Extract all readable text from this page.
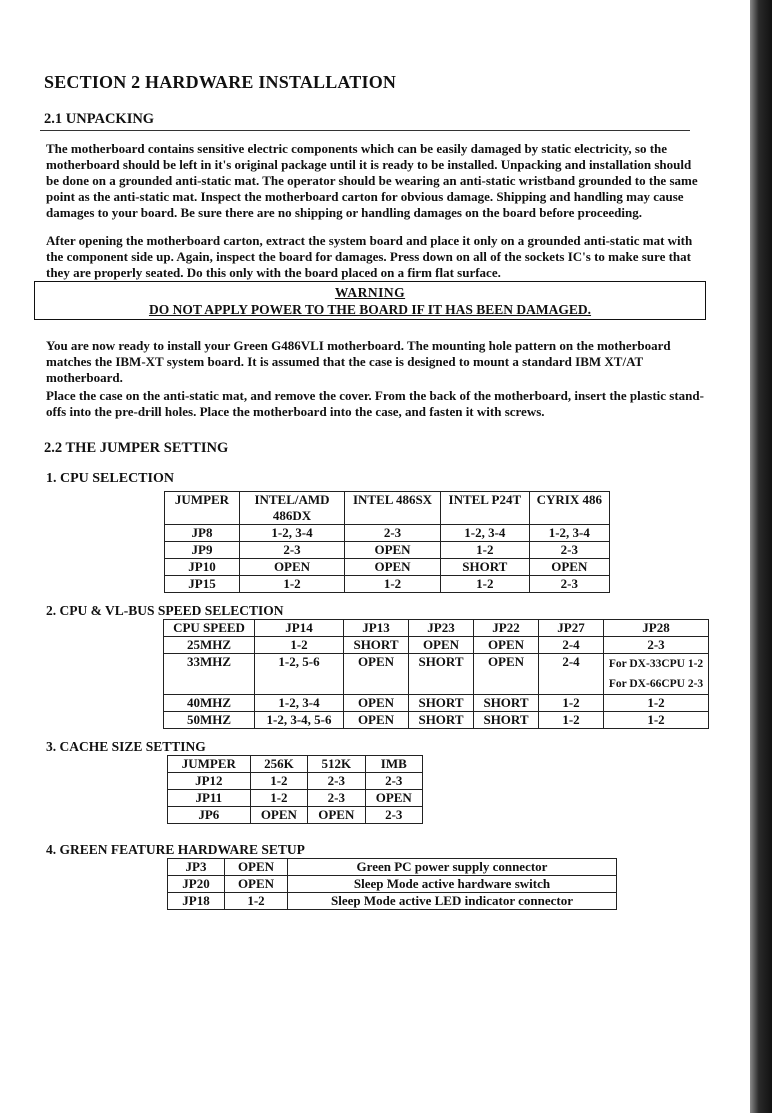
SECTION 2 HARDWARE INSTALLATION
2.1 UNPACKING

The motherboard contains sensitive electric components which can be easily damaged by static electricity, so the motherboard should be left in it's original package until it is ready to be installed. Unpacking and installation should be done on a grounded anti-static mat. The operator should be wearing an anti-static wristband grounded to the same point as the anti-static mat. Inspect the motherboard carton for obvious damage. Shipping and handling may cause damages to your board. Be sure there are no shipping or handling damages on the board before proceeding.

After opening the motherboard carton, extract the system board and place it only on a grounded anti-static mat with the component side up. Again, inspect the board for damages. Press down on all of the sockets IC's to make sure that they are properly seated. Do this only with the board placed on a firm flat surface.

WARNING
DO NOT APPLY POWER TO THE BOARD IF IT HAS BEEN DAMAGED.

You are now ready to install your Green G486VLI motherboard. The mounting hole pattern on the motherboard matches the IBM-XT system board. It is assumed that the case is designed to mount a standard IBM XT/AT motherboard.

Place the case on the anti-static mat, and remove the cover. From the back of the motherboard, insert the plastic stand-offs into the pre-drill holes. Place the motherboard into the case, and fasten it with screws.

2.2 THE JUMPER SETTING
1. CPU SELECTION
JUMPER	INTEL/AMD 486DX	INTEL 486SX	INTEL P24T	CYRIX 486
JP8	1-2, 3-4	2-3	1-2, 3-4	1-2, 3-4
JP9	2-3	OPEN	1-2	2-3
JP10	OPEN	OPEN	SHORT	OPEN
JP15	1-2	1-2	1-2	2-3
2. CPU & VL-BUS SPEED SELECTION
CPU SPEED	JP14	JP13	JP23	JP22	JP27	JP28
25MHZ	1-2	SHORT	OPEN	OPEN	2-4	2-3
33MHZ	1-2, 5-6	OPEN	SHORT	OPEN	2-4	For DX-33CPU 1-2
For DX-66CPU 2-3

40MHZ	1-2, 3-4	OPEN	SHORT	SHORT	1-2	1-2
50MHZ	1-2, 3-4, 5-6	OPEN	SHORT	SHORT	1-2	1-2
3. CACHE SIZE SETTING
JUMPER	256K	512K	IMB
JP12	1-2	2-3	2-3
JP11	1-2	2-3	OPEN
JP6	OPEN	OPEN	2-3
4. GREEN FEATURE HARDWARE SETUP
JP3	OPEN	Green PC power supply connector
JP20	OPEN	Sleep Mode active hardware switch
JP18	1-2	Sleep Mode active LED indicator connector
